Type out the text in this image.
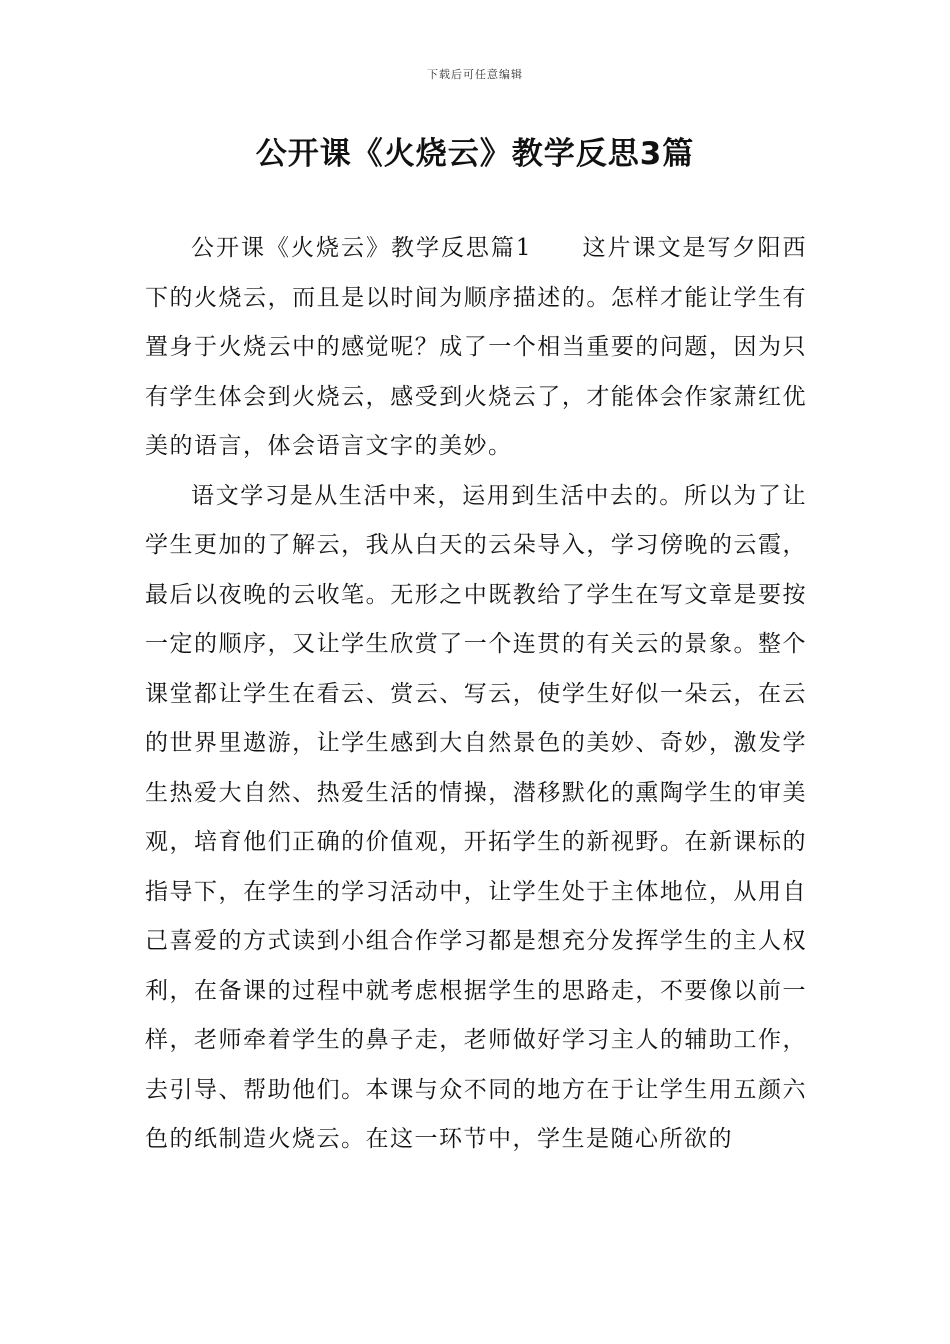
下载后可任意编辑
公开课《火烧云》教学反思3篇

公开课《火烧云》教学反思篇1　　这片课文是写夕阳西下的火烧云，而且是以时间为顺序描述的。怎样才能让学生有置身于火烧云中的感觉呢？成了一个相当重要的问题，因为只有学生体会到火烧云，感受到火烧云了，才能体会作家萧红优美的语言，体会语言文字的美妙。

语文学习是从生活中来，运用到生活中去的。所以为了让学生更加的了解云，我从白天的云朵导入，学习傍晚的云霞，最后以夜晚的云收笔。无形之中既教给了学生在写文章是要按一定的顺序，又让学生欣赏了一个连贯的有关云的景象。整个课堂都让学生在看云、赏云、写云，使学生好似一朵云，在云的世界里遨游，让学生感到大自然景色的美妙、奇妙，激发学生热爱大自然、热爱生活的情操，潜移默化的熏陶学生的审美观，培育他们正确的价值观，开拓学生的新视野。在新课标的指导下，在学生的学习活动中，让学生处于主体地位，从用自己喜爱的方式读到小组合作学习都是想充分发挥学生的主人权利，在备课的过程中就考虑根据学生的思路走，不要像以前一样，老师牵着学生的鼻子走，老师做好学习主人的辅助工作，去引导、帮助他们。本课与众不同的地方在于让学生用五颜六色的纸制造火烧云。在这一环节中，学生是随心所欲的
